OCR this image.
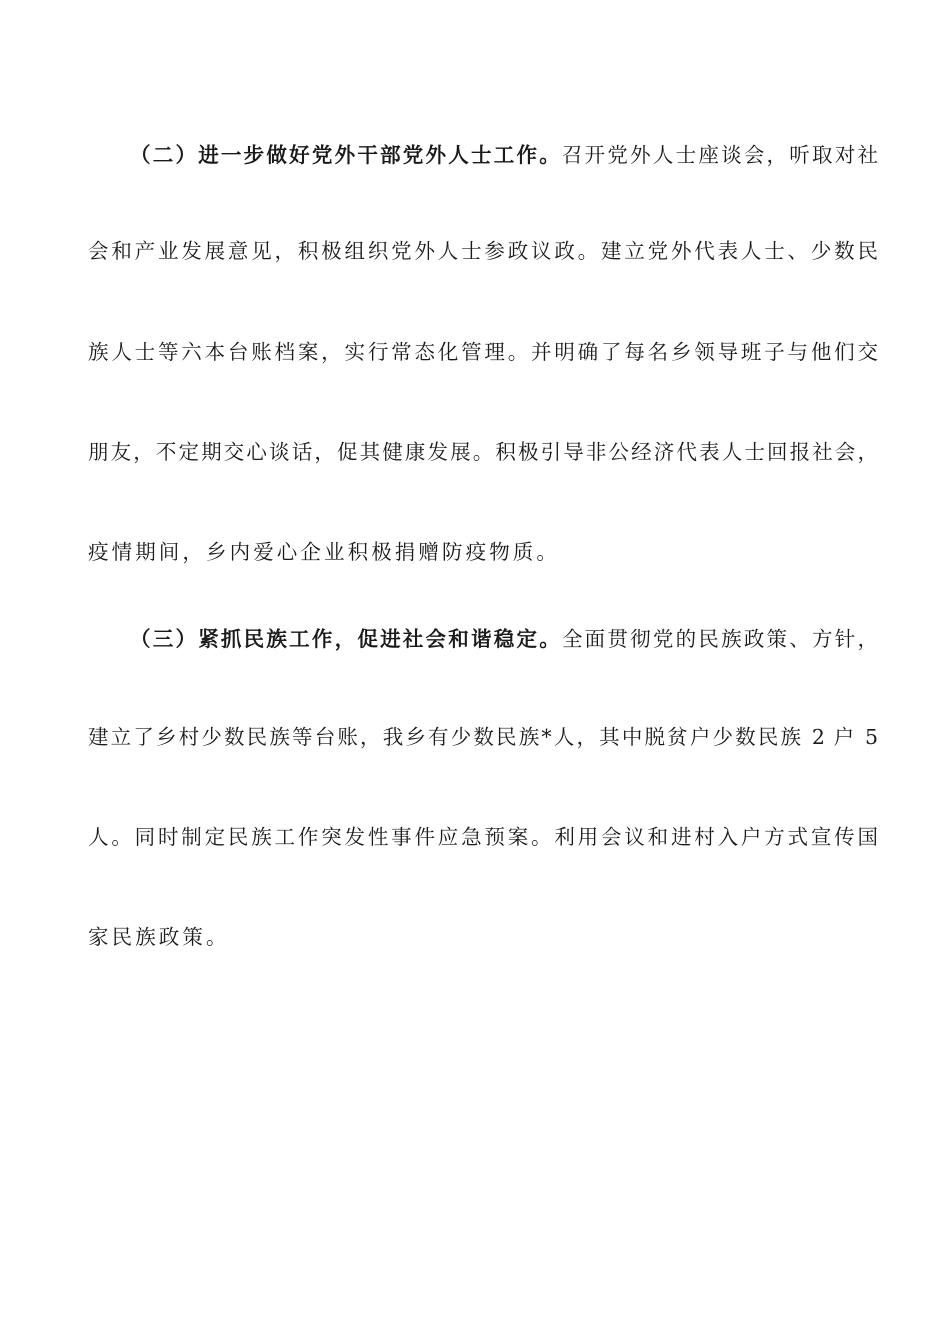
（二）进一步做好党外干部党外人士工作。召开党外人士座谈会，听取对社
会和产业发展意见，积极组织党外人士参政议政。建立党外代表人士、少数民
族人士等六本台账档案，实行常态化管理。并明确了每名乡领导班子与他们交
朋友，不定期交心谈话，促其健康发展。积极引导非公经济代表人士回报社会，
疫情期间，乡内爱心企业积极捐赠防疫物质。
（三）紧抓民族工作，促进社会和谐稳定。全面贯彻党的民族政策、方针，
建立了乡村少数民族等台账，我乡有少数民族*人，其中脱贫户少数民族 2 户 5
人。同时制定民族工作突发性事件应急预案。利用会议和进村入户方式宣传国
家民族政策。
